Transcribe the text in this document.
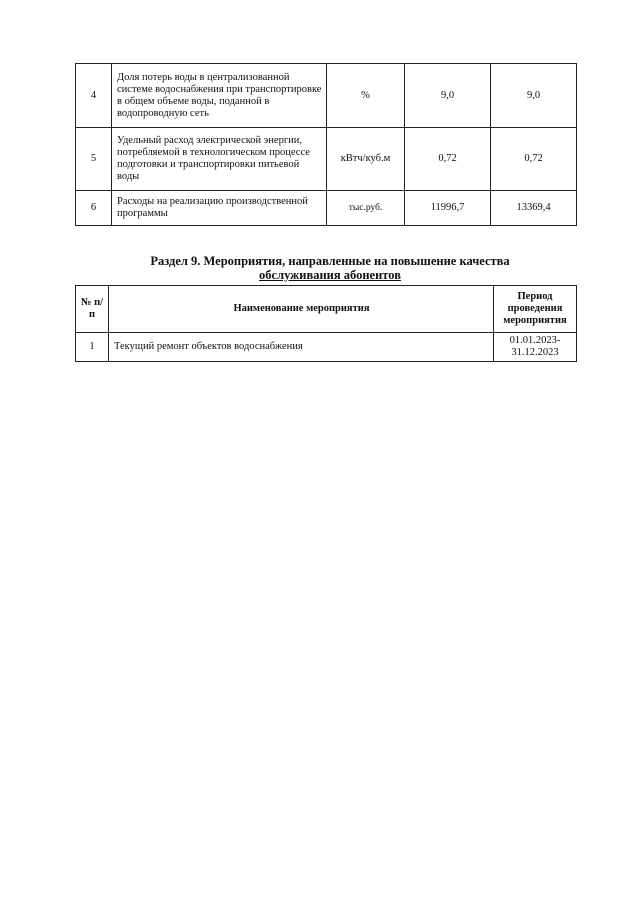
4	Доля потерь воды в централизованной системе водоснабжения при транспортировке в общем объеме воды, поданной в водопроводную сеть	%	9,0	9,0
5	Удельный расход электрической энергии, потребляемой в технологическом процессе подготовки и транспортировки питьевой воды	кВтч/куб.м	0,72	0,72
6	Расходы на реализацию производственной программы	тыс.руб.	11996,7	13369,4
Раздел 9. Мероприятия, направленные на повышение качества
обслуживания абонентов
№ п/п	Наименование мероприятия	Период проведения мероприятия
1	Текущий ремонт объектов водоснабжения	01.01.2023-31.12.2023
